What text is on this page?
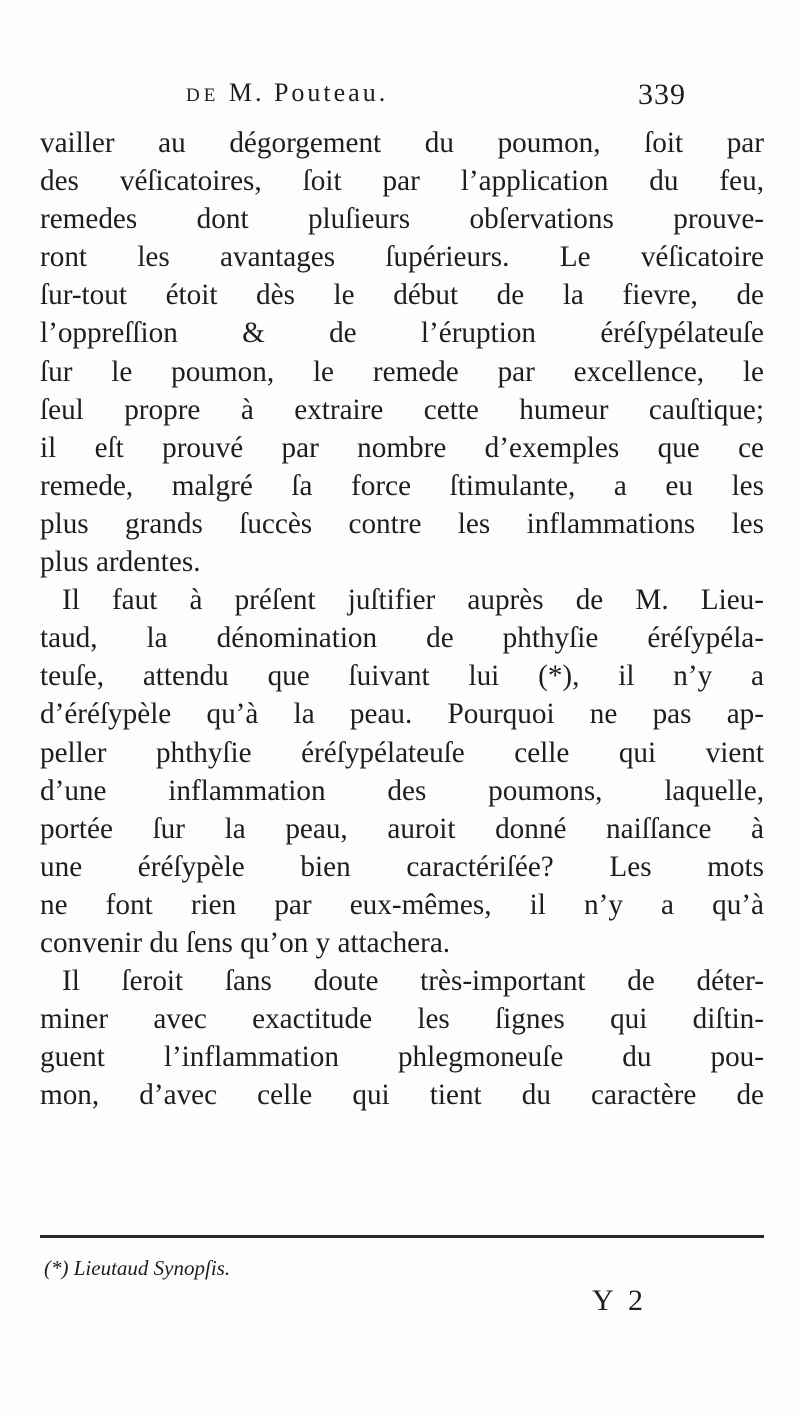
DE M. Pouteau.	339
vailler au dégorgement du poumon, ſoit par
des véſicatoires, ſoit par l’application du feu,
remedes dont pluſieurs obſervations prouve-
ront les avantages ſupérieurs. Le véſicatoire
ſur-tout étoit dès le début de la fievre, de
l’oppreſſion & de l’éruption éréſypélateuſe
ſur le poumon, le remede par excellence, le
ſeul propre à extraire cette humeur cauſtique;
il eſt prouvé par nombre d’exemples que ce
remede, malgré ſa force ſtimulante, a eu les
plus grands ſuccès contre les inflammations les
plus ardentes.
Il faut à préſent juſtifier auprès de M. Lieu-
taud, la dénomination de phthyſie éréſypéla-
teuſe, attendu que ſuivant lui (*), il n’y a
d’éréſypèle qu’à la peau. Pourquoi ne pas ap-
peller phthyſie éréſypélateuſe celle qui vient
d’une inflammation des poumons, laquelle,
portée ſur la peau, auroit donné naiſſance à
une éréſypèle bien caractériſée? Les mots
ne font rien par eux-mêmes, il n’y a qu’à
convenir du ſens qu’on y attachera.
Il ſeroit ſans doute très-important de déter-
miner avec exactitude les ſignes qui diſtin-
guent l’inflammation phlegmoneuſe du pou-
mon, d’avec celle qui tient du caractère de
(*) Lieutaud Synopſis.
Y 2
